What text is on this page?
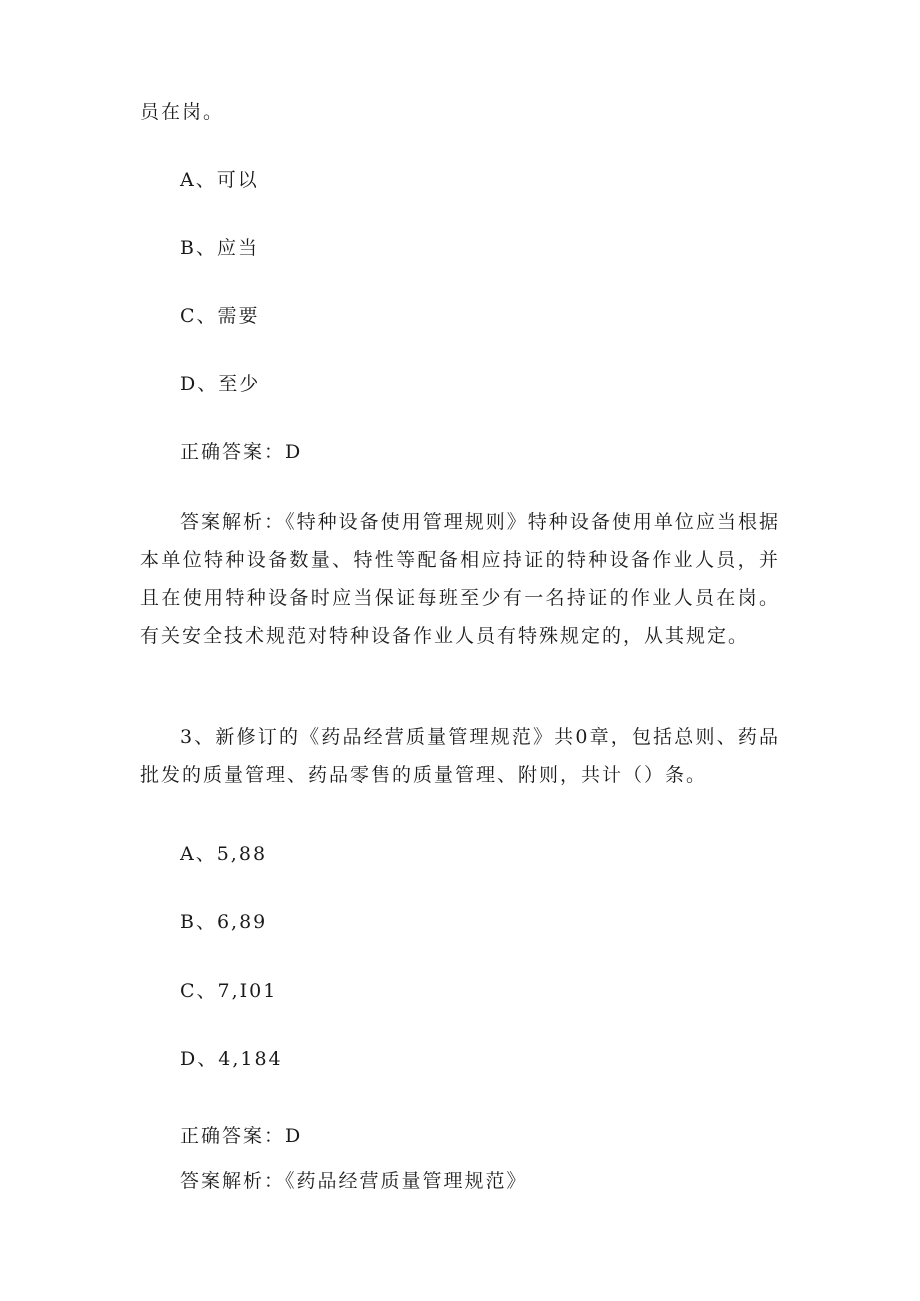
员在岗。
A、可以
B、应当
C、需要
D、至少
正确答案：D
答案解析：《特种设备使用管理规则》特种设备使用单位应当根据本单位特种设备数量、特性等配备相应持证的特种设备作业人员，并且在使用特种设备时应当保证每班至少有一名持证的作业人员在岗。有关安全技术规范对特种设备作业人员有特殊规定的，从其规定。
3、新修订的《药品经营质量管理规范》共0章，包括总则、药品批发的质量管理、药品零售的质量管理、附则，共计（）条。
A、5,88
B、6,89
C、7,I01
D、4,184
正确答案：D
答案解析：《药品经营质量管理规范》
